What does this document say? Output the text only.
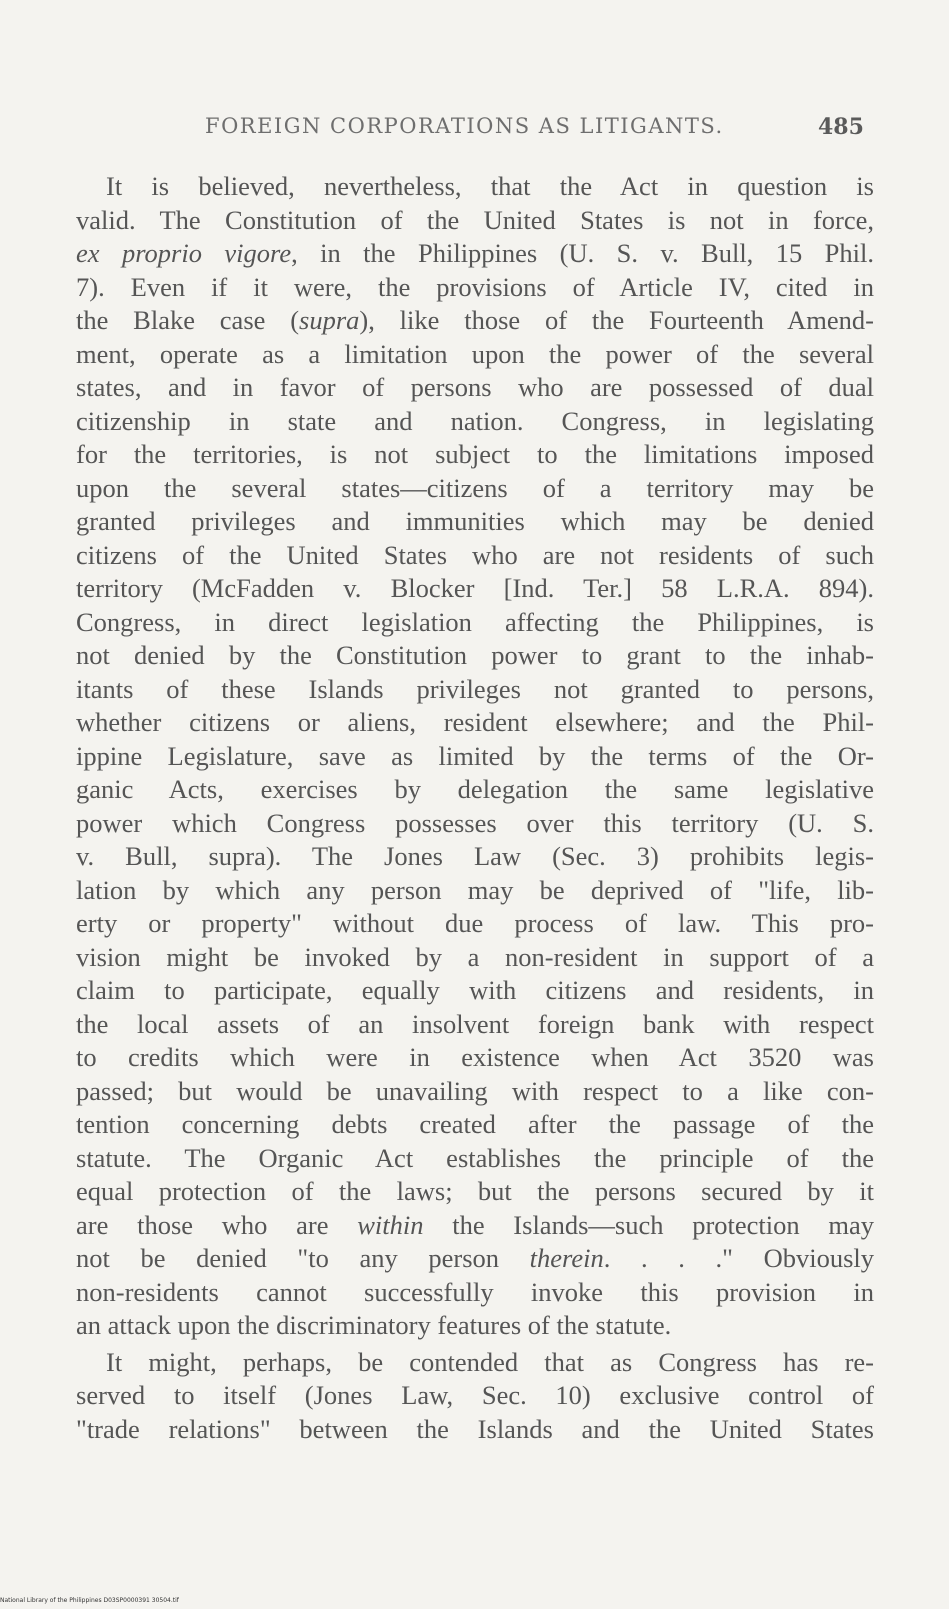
FOREIGN CORPORATIONS AS LITIGANTS.	485
It is believed, nevertheless, that the Act in question is
valid. The Constitution of the United States is not in force,
ex proprio vigore, in the Philippines (U. S. v. Bull, 15 Phil.
7). Even if it were, the provisions of Article IV, cited in
the Blake case (supra), like those of the Fourteenth Amend-
ment, operate as a limitation upon the power of the several
states, and in favor of persons who are possessed of dual
citizenship in state and nation. Congress, in legislating
for the territories, is not subject to the limitations imposed
upon the several states—citizens of a territory may be
granted privileges and immunities which may be denied
citizens of the United States who are not residents of such
territory (McFadden v. Blocker [Ind. Ter.] 58 L.R.A. 894).
Congress, in direct legislation affecting the Philippines, is
not denied by the Constitution power to grant to the inhab-
itants of these Islands privileges not granted to persons,
whether citizens or aliens, resident elsewhere; and the Phil-
ippine Legislature, save as limited by the terms of the Or-
ganic Acts, exercises by delegation the same legislative
power which Congress possesses over this territory (U. S.
v. Bull, supra). The Jones Law (Sec. 3) prohibits legis-
lation by which any person may be deprived of "life, lib-
erty or property" without due process of law. This pro-
vision might be invoked by a non-resident in support of a
claim to participate, equally with citizens and residents, in
the local assets of an insolvent foreign bank with respect
to credits which were in existence when Act 3520 was
passed; but would be unavailing with respect to a like con-
tention concerning debts created after the passage of the
statute. The Organic Act establishes the principle of the
equal protection of the laws; but the persons secured by it
are those who are within the Islands—such protection may
not be denied "to any person therein. . . ." Obviously
non-residents cannot successfully invoke this provision in
an attack upon the discriminatory features of the statute.
It might, perhaps, be contended that as Congress has re-
served to itself (Jones Law, Sec. 10) exclusive control of
"trade relations" between the Islands and the United States
National Library of the Philippines D03SP0000391 30504.tif
